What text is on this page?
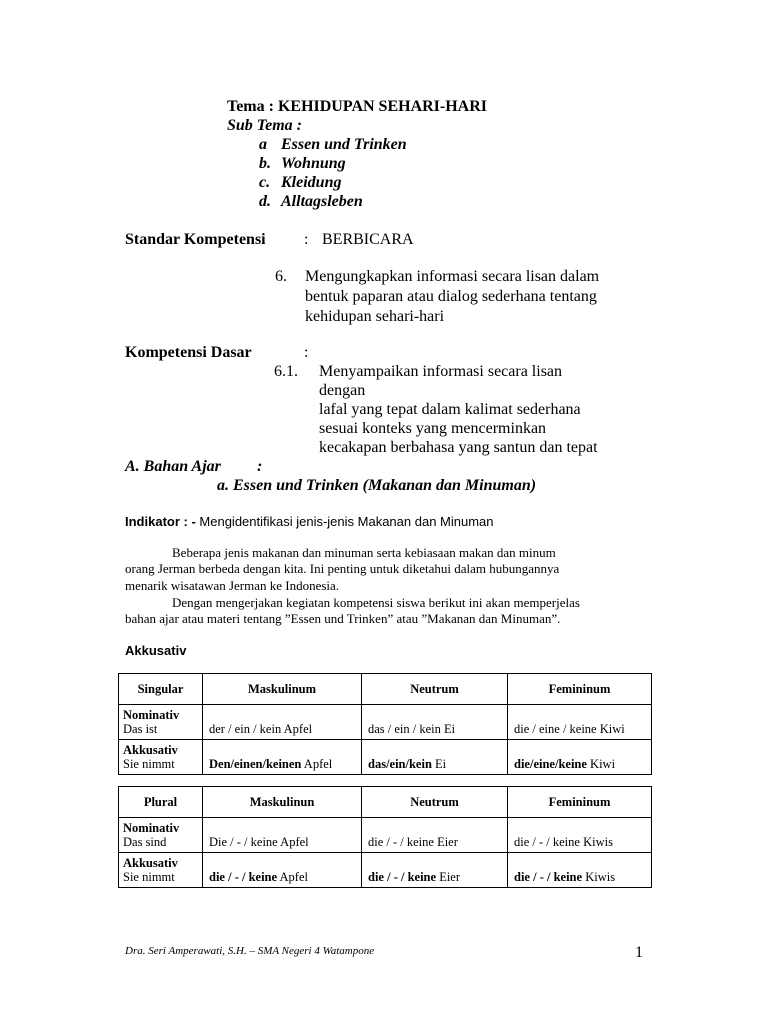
Tema : KEHIDUPAN SEHARI-HARI
Sub Tema :
a Essen und Trinken
b. Wohnung
c. Kleidung
d. Alltagsleben
Standar Kompetensi : BERBICARA
6. Mengungkapkan informasi secara lisan dalam
bentuk paparan atau dialog sederhana tentang
kehidupan sehari-hari
Kompetensi Dasar	:
6.1. Menyampaikan informasi secara lisan
dengan
lafal yang tepat dalam kalimat sederhana
sesuai konteks yang mencerminkan
kecakapan berbahasa yang santun dan tepat
A. Bahan Ajar :
a. Essen und Trinken (Makanan dan Minuman)
Indikator : - Mengidentifikasi jenis-jenis Makanan dan Minuman
Beberapa jenis makanan dan minuman serta kebiasaan makan dan minum
orang Jerman berbeda dengan kita. Ini penting untuk diketahui dalam hubungannya
menarik wisatawan Jerman ke Indonesia.
Dengan mengerjakan kegiatan kompetensi siswa berikut ini akan memperjelas
bahan ajar atau materi tentang ”Essen und Trinken” atau ”Makanan dan Minuman”.
Akkusativ
Singular	Maskulinum	Neutrum	Femininum

Nominativ
Das ist	der / ein / kein Apfel	das / ein / kein Ei	die / eine / keine Kiwi

Akkusativ
Sie nimmt	Den/einen/keinen Apfel	das/ein/kein Ei	die/eine/keine Kiwi
Plural	Maskulinun	Neutrum	Femininum

Nominativ
Das sind	Die / - / keine Apfel	die / - / keine Eier	die / - / keine Kiwis

Akkusativ
Sie nimmt	die / - / keine Apfel	die / - / keine Eier	die / - / keine Kiwis
Dra. Seri Amperawati, S.H. – SMA Negeri 4 Watampone	1
